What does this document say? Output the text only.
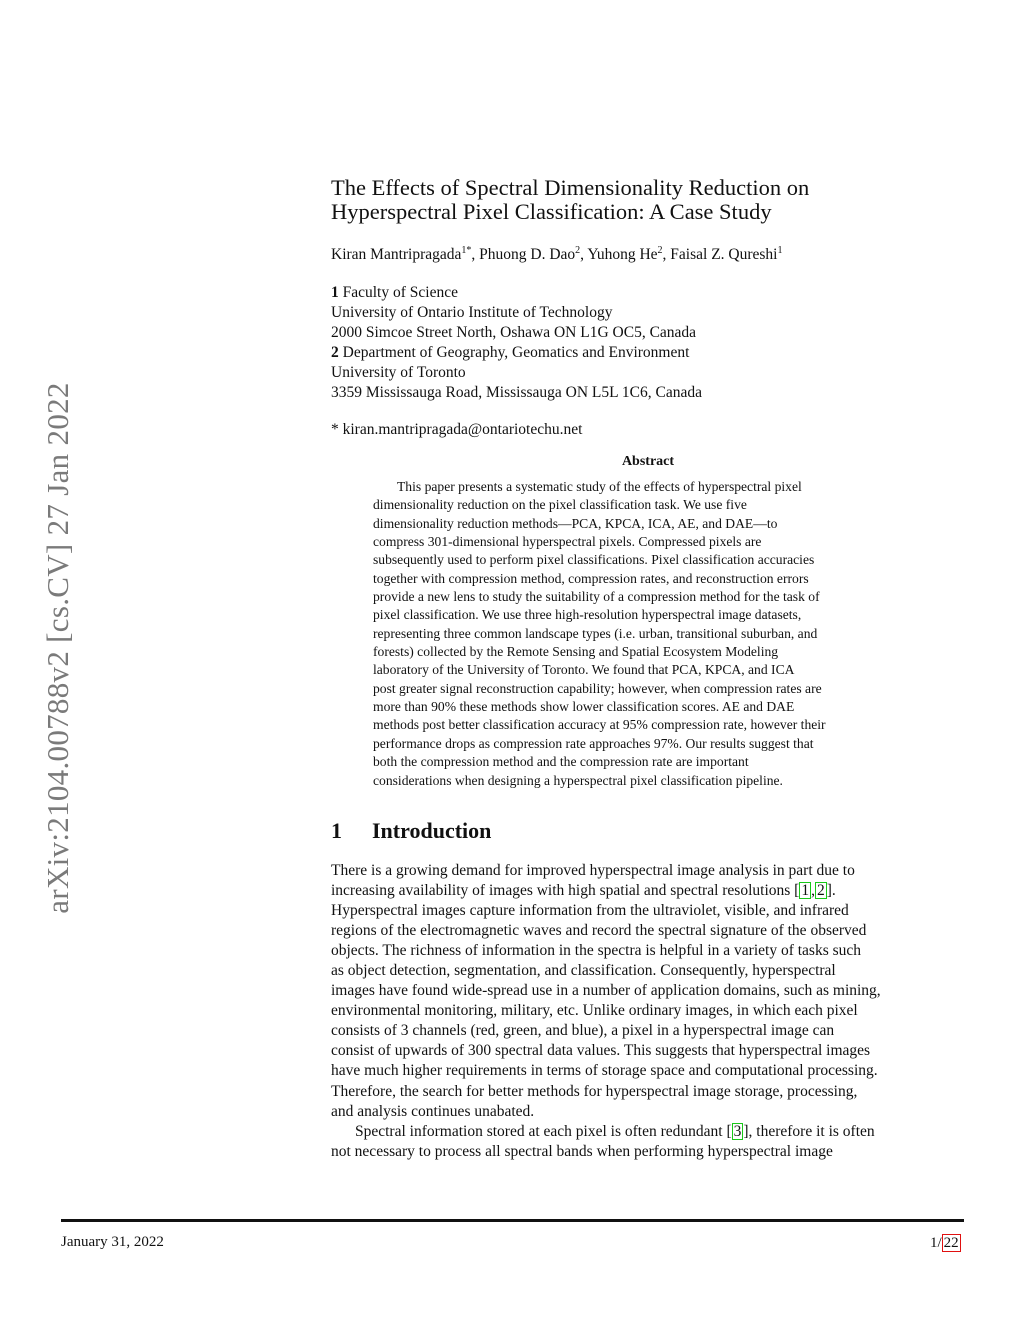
arXiv:2104.00788v2 [cs.CV] 27 Jan 2022
The Effects of Spectral Dimensionality Reduction on
Hyperspectral Pixel Classification: A Case Study
Kiran Mantripragada$^{1*}$, Phuong D. Dao$^2$, Yuhong He$^2$, Faisal Z. Qureshi$^1$
1 Faculty of Science
University of Ontario Institute of Technology
2000 Simcoe Street North, Oshawa ON L1G OC5, Canada
2 Department of Geography, Geomatics and Environment
University of Toronto
3359 Mississauga Road, Mississauga ON L5L 1C6, Canada
* kiran.mantripragada@ontariotechu.net
Abstract
This paper presents a systematic study of the effects of hyperspectral pixel
dimensionality reduction on the pixel classification task. We use five
dimensionality reduction methods—PCA, KPCA, ICA, AE, and DAE—to
compress 301-dimensional hyperspectral pixels. Compressed pixels are
subsequently used to perform pixel classifications. Pixel classification accuracies
together with compression method, compression rates, and reconstruction errors
provide a new lens to study the suitability of a compression method for the task of
pixel classification. We use three high-resolution hyperspectral image datasets,
representing three common landscape types (i.e. urban, transitional suburban, and
forests) collected by the Remote Sensing and Spatial Ecosystem Modeling
laboratory of the University of Toronto. We found that PCA, KPCA, and ICA
post greater signal reconstruction capability; however, when compression rates are
more than 90% these methods show lower classification scores. AE and DAE
methods post better classification accuracy at 95% compression rate, however their
performance drops as compression rate approaches 97%. Our results suggest that
both the compression method and the compression rate are important
considerations when designing a hyperspectral pixel classification pipeline.
1 Introduction
There is a growing demand for improved hyperspectral image analysis in part due to
increasing availability of images with high spatial and spectral resolutions [ 1 , 2 ].
Hyperspectral images capture information from the ultraviolet, visible, and infrared
regions of the electromagnetic waves and record the spectral signature of the observed
objects. The richness of information in the spectra is helpful in a variety of tasks such
as object detection, segmentation, and classification. Consequently, hyperspectral
images have found wide-spread use in a number of application domains, such as mining,
environmental monitoring, military, etc. Unlike ordinary images, in which each pixel
consists of 3 channels (red, green, and blue), a pixel in a hyperspectral image can
consist of upwards of 300 spectral data values. This suggests that hyperspectral images
have much higher requirements in terms of storage space and computational processing.
Therefore, the search for better methods for hyperspectral image storage, processing,
and analysis continues unabated.
Spectral information stored at each pixel is often redundant [ 3 ], therefore it is often
not necessary to process all spectral bands when performing hyperspectral image
January 31, 2022	1/ 22
